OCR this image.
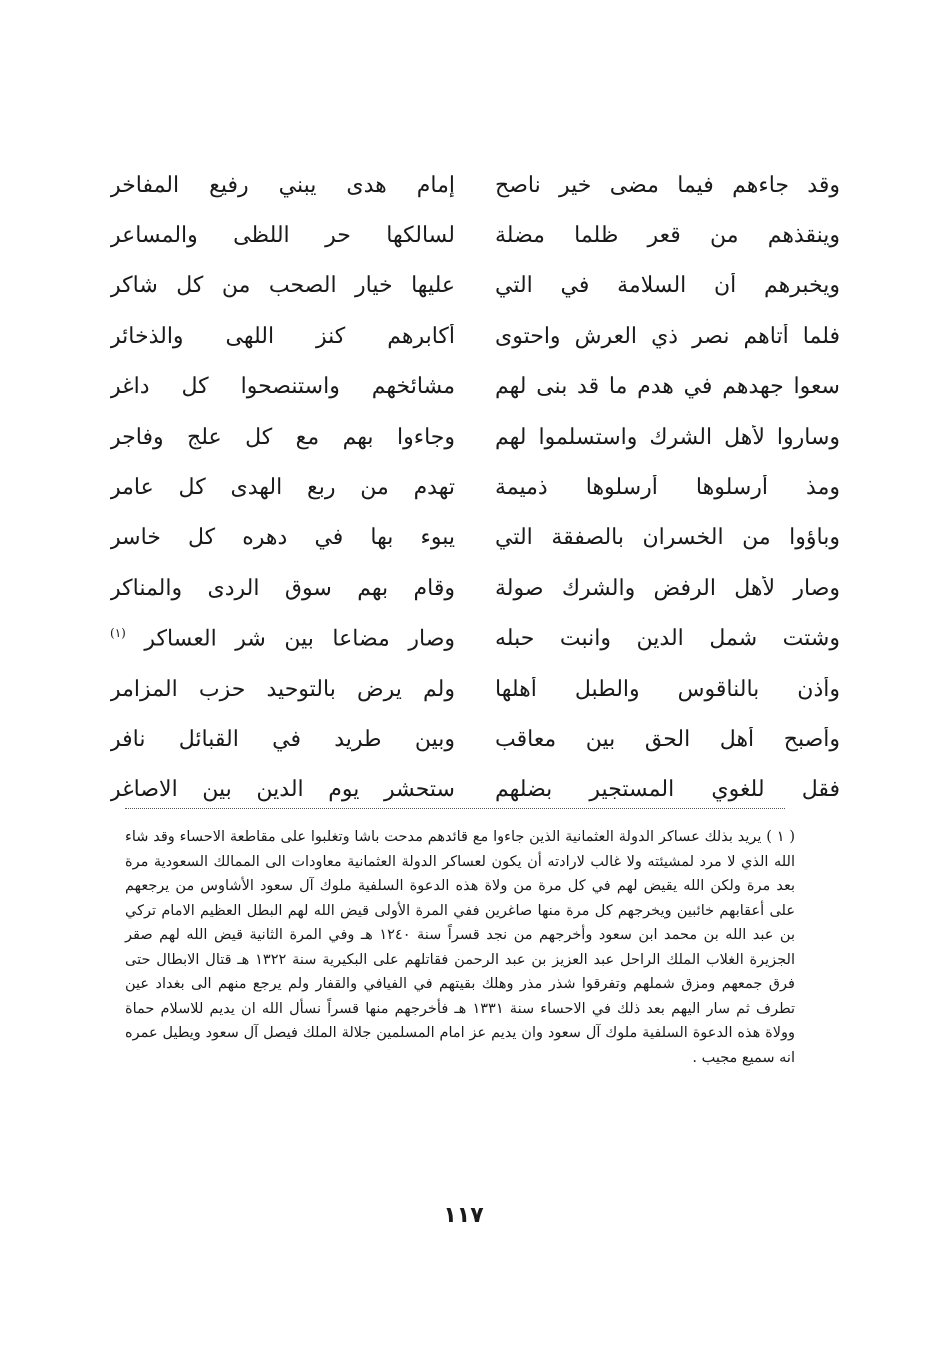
وقد جاءهم فيما مضى خير ناصح
إمام هدى يبني رفيع المفاخر
وينقذهم من قعر ظلما مضلة
لسالكها حر اللظى والمساعر
ويخبرهم أن السلامة في التي
عليها خيار الصحب من كل شاكر
فلما أتاهم نصر ذي العرش واحتوى
أكابرهم كنز اللهى والذخائر
سعوا جهدهم في هدم ما قد بنى لهم
مشائخهم واستنصحوا كل داغر
وساروا لأهل الشرك واستسلموا لهم
وجاءوا بهم مع كل علج وفاجر
ومذ أرسلوها أرسلوها ذميمة
تهدم من ربع الهدى كل عامر
وباؤوا من الخسران بالصفقة التي
يبوء بها في دهره كل خاسر
وصار لأهل الرفض والشرك صولة
وقام بهم سوق الردى والمناكر
وشتت شمل الدين وانبت حبله
وصار مضاعا بين شر العساكر $^{(١)}$
وأذن بالناقوس والطبل أهلها
ولم يرض بالتوحيد حزب المزامر
وأصبح أهل الحق بين معاقب
وبين طريد في القبائل نافر
فقل للغوي المستجير بضلهم
ستحشر يوم الدين بين الاصاغر
( ١ ) يريد بذلك عساكر الدولة العثمانية الذين جاءوا مع قائدهم مدحت باشا وتغلبوا على مقاطعة الاحساء وقد شاء الله الذي لا مرد لمشيئته ولا غالب لارادته أن يكون لعساكر الدولة العثمانية معاودات الى الممالك السعودية مرة بعد مرة ولكن الله يقيض لهم في كل مرة من ولاة هذه الدعوة السلفية ملوك آل سعود الأشاوس من يرجعهم على أعقابهم خائبين ويخرجهم كل مرة منها صاغرين ففي المرة الأولى قيض الله لهم البطل العظيم الامام تركي بن عبد الله بن محمد ابن سعود وأخرجهم من نجد قسراً سنة ١٢٤٠ هـ وفي المرة الثانية قيض الله لهم صقر الجزيرة الغلاب الملك الراحل عبد العزيز بن عبد الرحمن فقاتلهم على البكيرية سنة ١٣٢٢ هـ قتال الابطال حتى فرق جمعهم ومزق شملهم وتفرقوا شذر مذر وهلك بقيتهم في الفيافي والقفار ولم يرجع منهم الى بغداد عين تطرف ثم سار اليهم بعد ذلك في الاحساء سنة ١٣٣١ هـ فأخرجهم منها قسراً نسأل الله ان يديم للاسلام حماة وولاة هذه الدعوة السلفية ملوك آل سعود وان يديم عز امام المسلمين جلالة الملك فيصل آل سعود ويطيل عمره انه سميع مجيب .
١١٧
